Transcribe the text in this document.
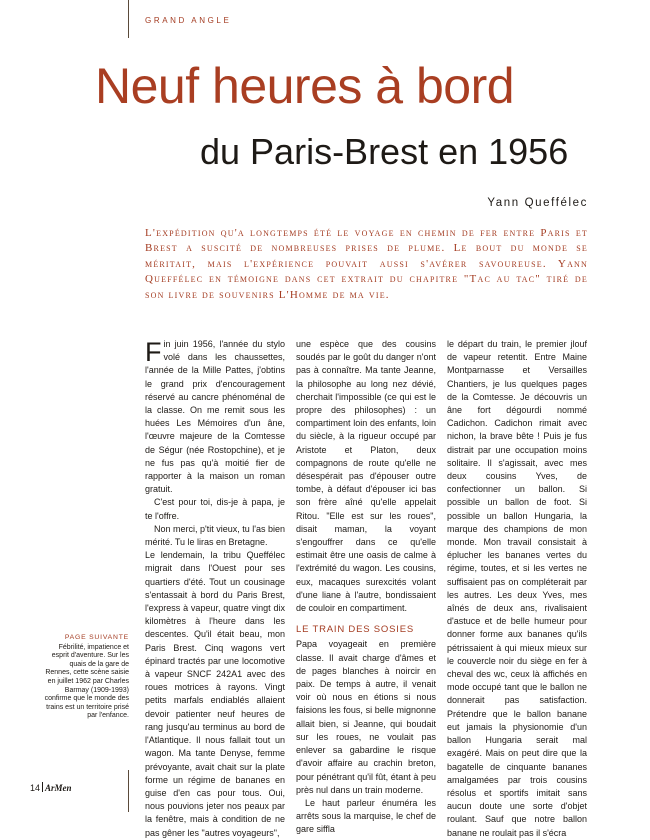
GRAND ANGLE
Neuf heures à bord
du Paris-Brest en 1956
Yann Queffélec
L'expédition qu'a longtemps été le voyage en chemin de fer entre Paris et Brest a suscité de nombreuses prises de plume. Le bout du monde se méritait, mais l'expérience pouvait aussi s'avérer savoureuse. Yann Queffélec en témoigne dans cet extrait du chapitre "Tac au tac" tiré de son livre de souvenirs L'Homme de ma vie.

Fin juin 1956, l'année du stylo volé dans les chaussettes, l'année de la Mille Pattes, j'obtins le grand prix d'encouragement réservé au cancre phénoménal de la classe. On me remit sous les huées Les Mémoires d'un âne, l'œuvre majeure de la Comtesse de Ségur (née Rostopchine), et je ne fus pas qu'à moitié fier de rapporter à la maison un roman gratuit.

C'est pour toi, dis-je à papa, je te l'offre.

Non merci, p'tit vieux, tu l'as bien mérité. Tu le liras en Bretagne.

Le lendemain, la tribu Queffélec migrait dans l'Ouest pour ses quartiers d'été. Tout un cousinage s'entassait à bord du Paris Brest, l'express à vapeur, quatre vingt dix kilomètres à l'heure dans les descentes. Qu'il était beau, mon Paris Brest. Cinq wagons vert épinard tractés par une locomotive à vapeur SNCF 242A1 avec des roues motrices à rayons. Vingt petits marfals endiablés allaient devoir patienter neuf heures de rang jusqu'au terminus au bord de l'Atlantique. Il nous fallait tout un wagon. Ma tante Denyse, femme prévoyante, avait chait sur la plate forme un régime de bananes en guise d'en cas pour tous. Oui, nous pouvions jeter nos peaux par la fenêtre, mais à condition de ne pas gêner les "autres voyageurs",

une espèce que des cousins soudés par le goût du danger n'ont pas à connaître. Ma tante Jeanne, la philosophe au long nez dévié, cherchait l'impossible (ce qui est le propre des philosophes) : un compartiment loin des enfants, loin du siècle, à la rigueur occupé par Aristote et Platon, deux compagnons de route qu'elle ne désespérait pas d'épouser outre tombe, à défaut d'épouser ici bas son frère aîné qu'elle appelait Ritou. "Elle est sur les roues", disait maman, la voyant s'engouffrer dans ce qu'elle estimait être une oasis de calme à l'extrémité du wagon. Les cousins, eux, macaques surexcités volant d'une liane à l'autre, bondissaient de couloir en compartiment.

LE TRAIN DES SOSIES

Papa voyageait en première classe. Il avait charge d'âmes et de pages blanches à noircir en paix. De temps à autre, il venait voir où nous en étions si nous faisions les fous, si belle mignonne allait bien, si Jeanne, qui boudait sur les roues, ne voulait pas enlever sa gabardine le risque d'avoir affaire au crachin breton, pour pénétrant qu'il fût, étant à peu près nul dans un train moderne.

Le haut parleur énuméra les arrêts sous la marquise, le chef de gare siffla

le départ du train, le premier jlouf de vapeur retentit. Entre Maine Montparnasse et Versailles Chantiers, je lus quelques pages de la Comtesse. Je découvris un âne fort dégourdi nommé Cadichon. Cadichon rimait avec nichon, la brave bête ! Puis je fus distrait par une occupation moins solitaire. Il s'agissait, avec mes deux cousins Yves, de confectionner un ballon. Si possible un ballon de foot. Si possible un ballon Hungaria, la marque des champions de mon monde. Mon travail consistait à éplucher les bananes vertes du régime, toutes, et si les vertes ne suffisaient pas on compléterait par les autres. Les deux Yves, mes aînés de deux ans, rivalisaient d'astuce et de belle humeur pour donner forme aux bananes qu'ils pétrissaient à qui mieux mieux sur le couvercle noir du siège en fer à cheval des wc, ceux là affichés en mode occupé tant que le ballon ne donnerait pas satisfaction. Prétendre que le ballon banane eut jamais la physionomie d'un ballon Hungaria serait mal exagéré. Mais on peut dire que la bagatelle de cinquante bananes amalgamées par trois cousins résolus et sportifs imitait sans aucun doute une sorte d'objet roulant. Sauf que notre ballon banane ne roulait pas il s'écra

PAGE SUIVANTE
Fébrilité, impatience et esprit d'aventure. Sur les quais de la gare de Rennes, cette scène saisie en juillet 1962 par Charles Barmay (1909-1993) confirme que le monde des trains est un territoire prisé par l'enfance.
14 ArMen
